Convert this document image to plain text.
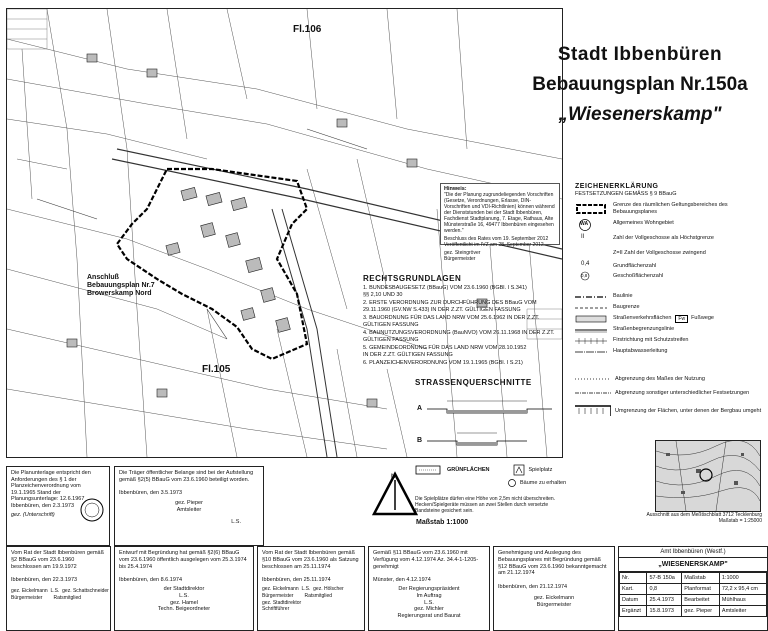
Fl.106
Fl.105
Anschluß
Bebauungsplan Nr.7
Browerskamp Nord
Stadt Ibbenbüren
Bebauungsplan Nr.150a
„Wiesenerskamp"
Hinweis:
"Die der Planung zugrundeliegenden Vorschriften (Gesetze, Verordnungen, Erlasse, DIN-Vorschriften und VDI-Richtlinien) können während der Dienststunden bei der Stadt Ibbenbüren, Fachdienst Stadtplanung, 7. Etage, Rathaus, Alte Münsterstraße 16, 49477 Ibbenbüren eingesehen werden."
Beschluss des Rates vom 19. September 2012
Veröffentlicht im IVZ am 28. September 2012
gez. Steingröver
Bürgermeister
ZEICHENERKLÄRUNG
FESTSETZUNGEN GEMÄSS § 9 BBauG
Grenze des räumlichen Geltungsbereiches des Bebauungsplanes
WA	Allgemeines Wohngebiet
II	Zahl der Vollgeschosse als Höchstgrenze
Z=II Zahl der Vollgeschosse zwingend
0,4	Grundflächenzahl
0,8	Geschoßflächenzahl
Baulinie
Baugrenze
Straßenverkehrsflächen	Fw	Fußwege
Straßenbegrenzungslinie
Firstrichtung mit Schutzstreifen
Hauptabwasserleitung
RECHTSGRUNDLAGEN
1. BUNDESBAUGESETZ (BBauG) VOM 23.6.1960 (BGBl. I S.341)
§§ 2,10 UND 30
2. ERSTE VERORDNUNG ZUR DURCHFÜHRUNG DES BBauG VOM
29.11.1960 (GV.NW S.433) IN DER Z.ZT. GÜLTIGEN FASSUNG
3. BAUORDNUNG FÜR DAS LAND NRW VOM 25.6.1962 IN DER Z.ZT.
GÜLTIGEN FASSUNG
4. BAUNUTZUNGSVERORDNUNG (BauNVO) VOM 26.11.1968 IN DER Z.ZT.
GÜLTIGEN FASSUNG
5. GEMEINDEORDNUNG FÜR DAS LAND NRW VOM 28.10.1952
IN DER Z.ZT. GÜLTIGEN FASSUNG
6. PLANZEICHENVERORDNUNG VOM 19.1.1965 (BGBl. I S.21)
STRASSENQUERSCHNITTE
A
B
Abgrenzung des Maßes der Nutzung
Abgrenzung sonstiger unterschiedlicher Festsetzungen
Umgrenzung der Flächen, unter denen der Bergbau umgeht
Ausschnitt aus dem Meßtischblatt 3712 Tecklenburg
Maßstab = 1:25000
Die Planunterlage entspricht den Anforderungen des § 1 der Planzeichenverordnung vom 19.1.1965 Stand der Planungsunterlage: 12.6.1967
Ibbenbüren, den 2.3.1973
gez. (Unterschrift)
Die Träger öffentlicher Belange sind bei der Aufstellung gemäß §2(5) BBauG vom 23.6.1960 beteiligt worden.

Ibbenbüren, den 3.5.1973
L.S.
gez. Pieper
Amtsleiter
GRÜNFLÄCHEN	Spielplatz
Bäume zu erhalten
Die Spielplätze dürfen eine Höhe von 2,5m nicht überschreiten. Hecken/Spielgeräte müssen an zwei Stellen durch versetzte Bandsteine gesichert sein.
N
Maßstab 1:1000
Vom Rat der Stadt Ibbenbüren gemäß §2 BBauG vom 23.6.1960 beschlossen am 19.9.1972

Ibbenbüren, den 22.3.1973
gez. Eickelmann  L.S.  gez. Schattschneider
Bürgermeister        Ratsmitglied
Entwurf mit Begründung hat gemäß §2(6) BBauG vom 23.6.1960 öffentlich ausgelegen vom 25.3.1974 bis 25.4.1974

Ibbenbüren, den 8.6.1974
der Stadtdirektor
L.S.
gez. Hamel
Techn. Beigeordneter
Vom Rat der Stadt Ibbenbüren gemäß §10 BBauG vom 23.6.1960 als Satzung beschlossen am 25.11.1974

Ibbenbüren, den 25.11.1974
gez. Eickelmann  L.S.  gez. Hölscher
Bürgermeister        Ratsmitglied
gez. Stadtdirektor
Schriftführer
Gemäß §11 BBauG vom 23.6.1960 mit Verfügung vom 4.12.1974 Az. 34.4-1-1205- genehmigt

Münster, den 4.12.1974
Der Regierungspräsident
Im Auftrag
L.S.
gez. Michler
Regierungsrat und Baurat
Genehmigung und Auslegung des Bebauungsplanes mit Begründung gemäß §12 BBauG vom 23.6.1960 bekanntgemacht am 21.12.1974

Ibbenbüren, den 21.12.1974
gez. Eickelmann
Bürgermeister
Amt Ibbenbüren (Westf.)
„WIESENERSKAMP"
Nr.	57-B 150a	Maßstab	1:1000
Kart.	0,8	Planformat	72,2 x 95,4 cm
Datum	25.4.1973	Bearbeitet	Mühlhaus
Ergänzt	15.8.1973	gez. Pieper	Amtsleiter
